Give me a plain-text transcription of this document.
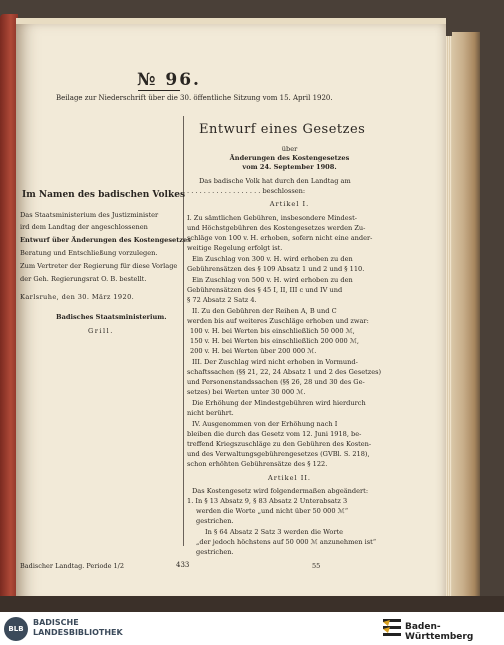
№ 96.
Beilage zur Niederschrift über die 30. öffentliche Sitzung vom 15. April 1920.
Im Namen des badischen Volkes
Das Staatsministerium des Justizminister
ird dem Landtag der angeschlossenen
Entwurf über Änderungen des Kostengesetzes
Beratung und Entschließung vorzulegen.
Zum Vertreter der Regierung für diese Vorlage
der Geh. Regierungsrat O. B. bestellt.
Karlsruhe, den 30. März 1920.
Badisches Staatsministerium.
Grill.
Entwurf eines Gesetzes
über
Änderungen des Kostengesetzes
vom 24. September 1908.
Das badische Volk hat durch den Landtag am
. . . . . . . . . . . . . . . . . . beschlossen:
Artikel I.
I. Zu sämtlichen Gebühren, insbesondere Mindest-
und Höchstgebühren des Kostengesetzes werden Zu-
schläge von 100 v. H. erhoben, sofern nicht eine ander-
weitige Regelung erfolgt ist.
Ein Zuschlag von 300 v. H. wird erhoben zu den
Gebührensätzen des § 109 Absatz 1 und 2 und § 110.
Ein Zuschlag von 500 v. H. wird erhoben zu den
Gebührensätzen des § 45 I, II, III c und IV und
§ 72 Absatz 2 Satz 4.
II. Zu den Gebühren der Reihen A, B und C
werden bis auf weiteres Zuschläge erhoben und zwar:
100 v. H. bei Werten bis einschließlich 50 000 ℳ,
150 v. H. bei Werten bis einschließlich 200 000 ℳ,
200 v. H. bei Werten über 200 000 ℳ.
III. Der Zuschlag wird nicht erhoben in Vormund-
schaftssachen (§§ 21, 22, 24 Absatz 1 und 2 des Gesetzes)
und Personenstandssachen (§§ 26, 28 und 30 des Ge-
setzes) bei Werten unter 30 000 ℳ.
Die Erhöhung der Mindestgebühren wird hierdurch
nicht berührt.
IV. Ausgenommen von der Erhöhung nach I
bleiben die durch das Gesetz vom 12. Juni 1918, be-
treffend Kriegszuschläge zu den Gebühren des Kosten-
und des Verwaltungsgebührengesetzes (GVBl. S. 218),
schon erhöhten Gebührensätze des § 122.
Artikel II.
Das Kostengesetz wird folgendermaßen abgeändert:
1. In § 13 Absatz 9, § 83 Absatz 2 Unterabsatz 3
werden die Worte „und nicht über 50 000 ℳ“
gestrichen.
In § 64 Absatz 2 Satz 3 werden die Worte
„der jedoch höchstens auf 50 000 ℳ anzunehmen ist“
gestrichen.
Badischer Landtag. Periode 1/2	433	55
BLB
BADISCHE
LANDESBIBLIOTHEK
Baden-Württemberg
